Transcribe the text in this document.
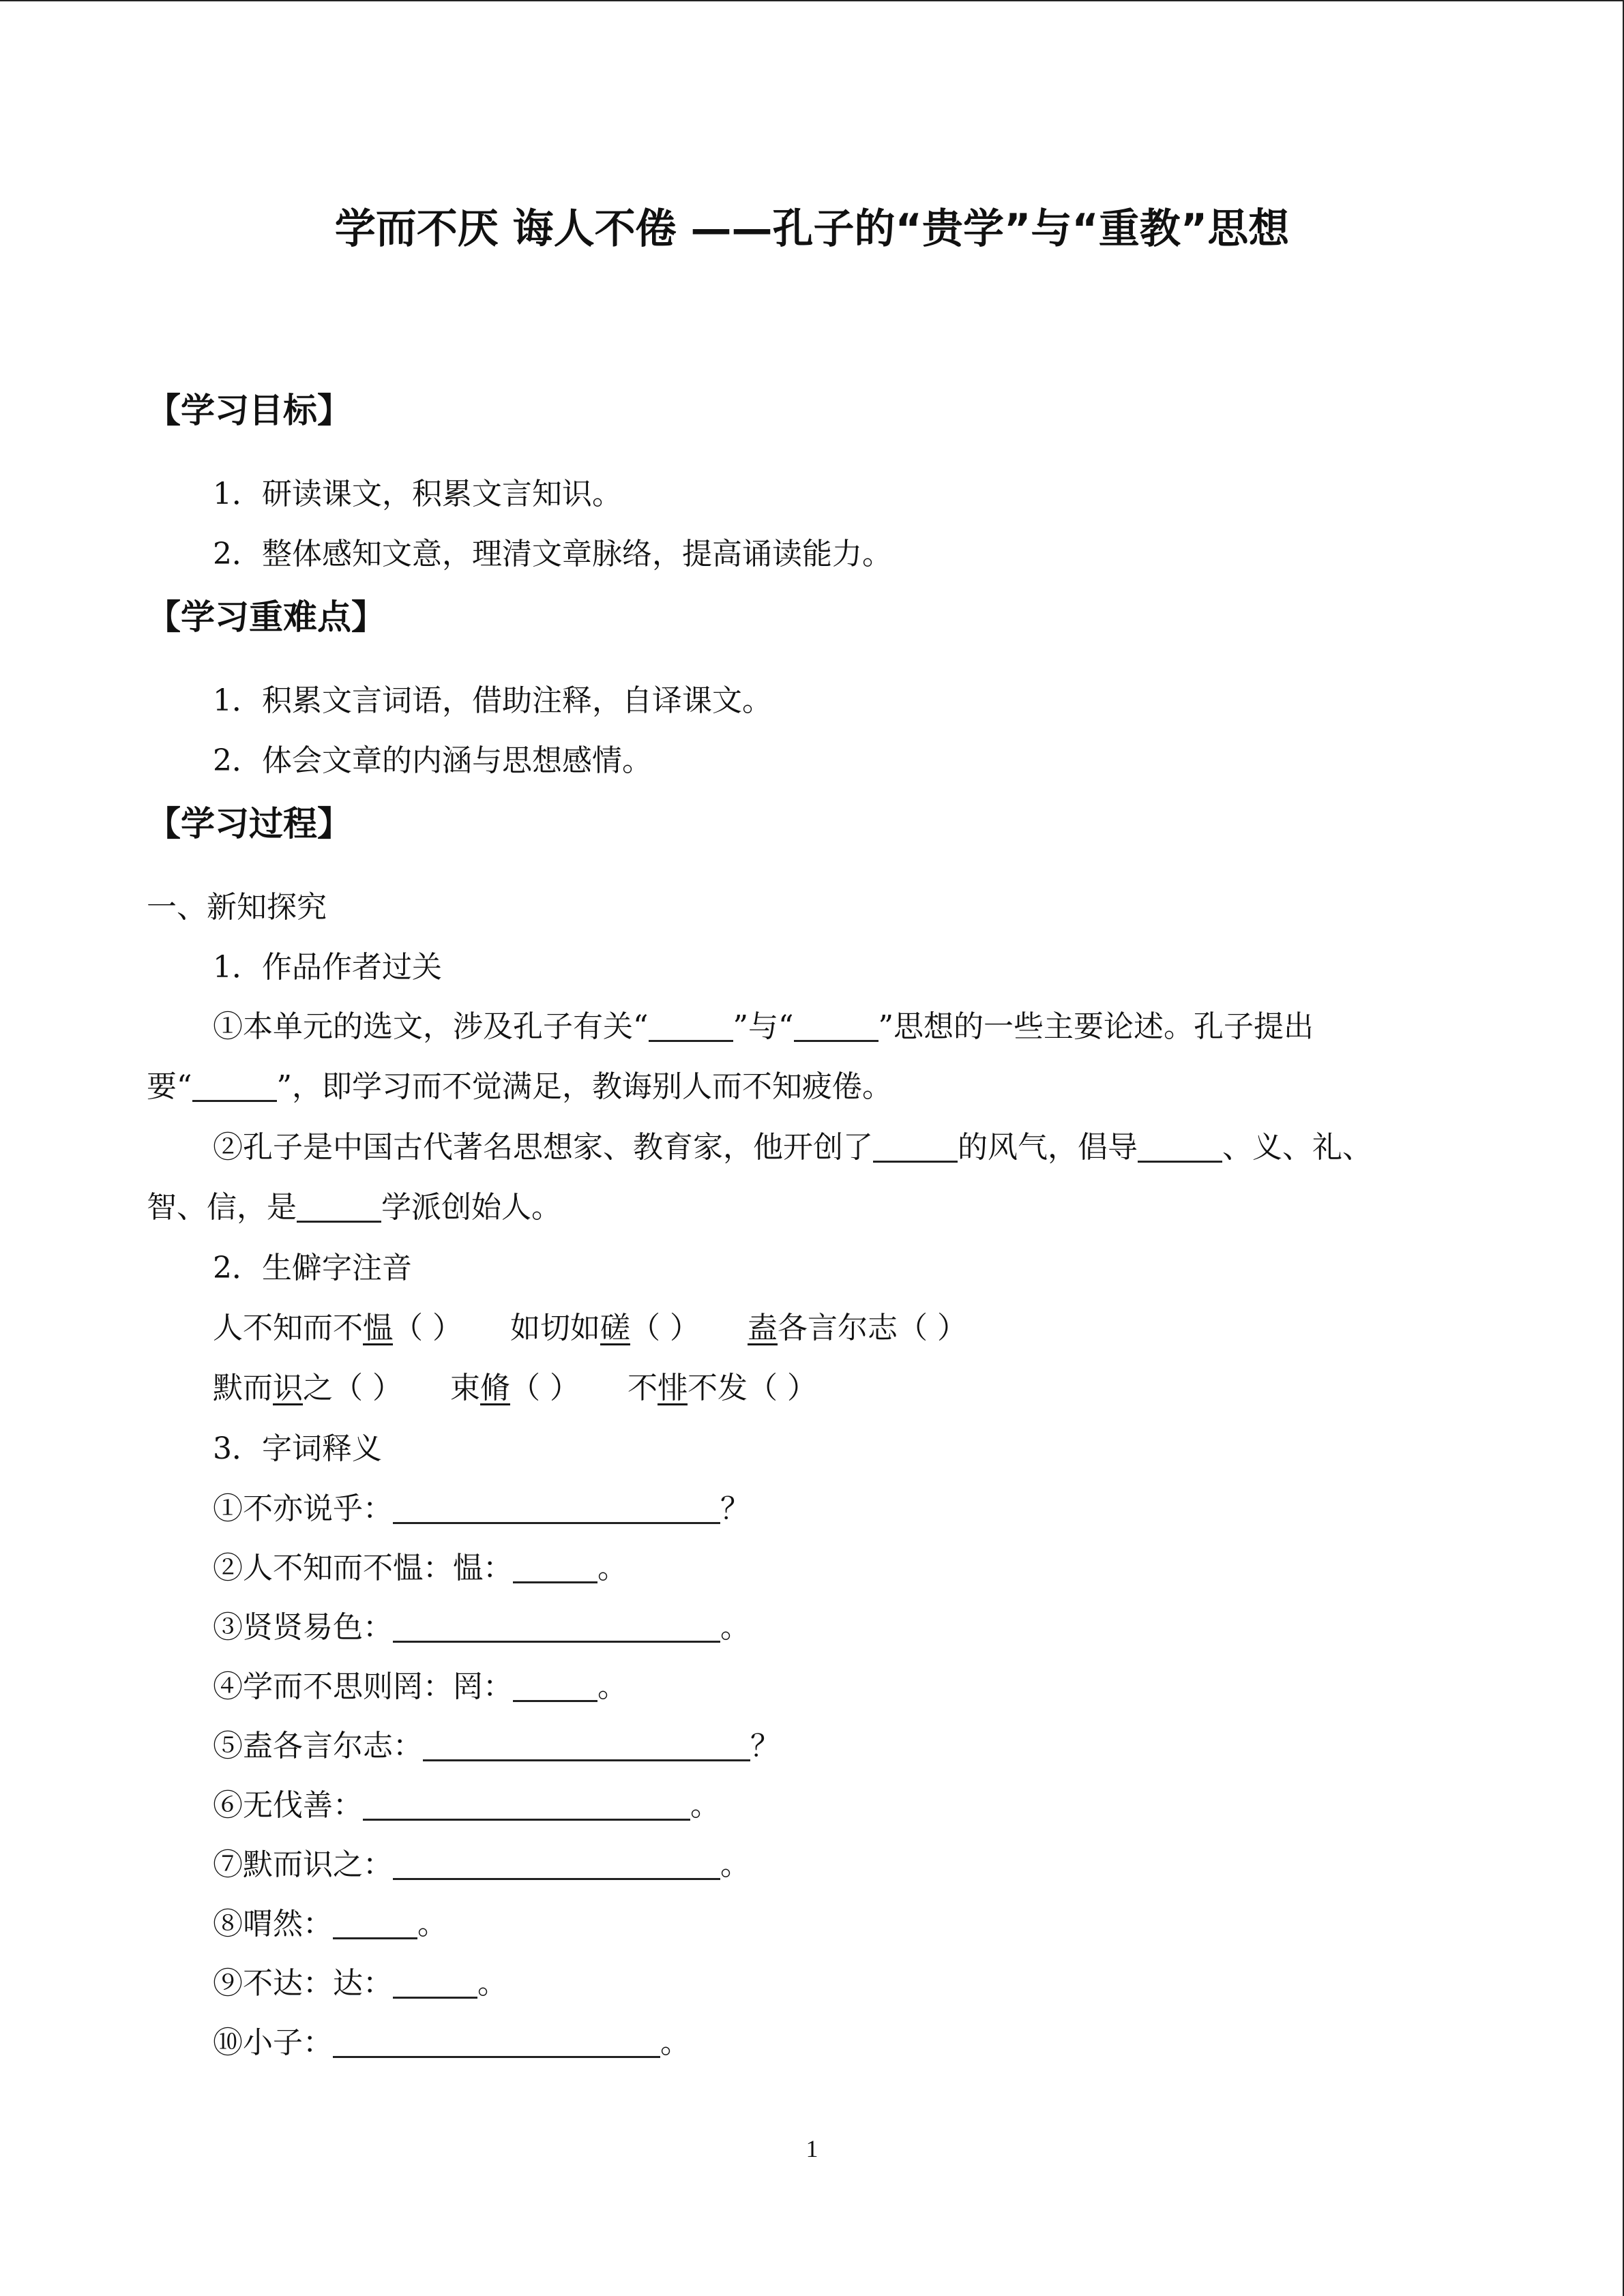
学而不厌 诲人不倦 ——孔子的“贵学”与“重教”思想
【学习目标】
1．研读课文，积累文言知识。
2．整体感知文意，理清文章脉络，提高诵读能力。
【学习重难点】
1．积累文言词语，借助注释，自译课文。
2．体会文章的内涵与思想感情。
【学习过程】
一、新知探究
1．作品作者过关
①本单元的选文，涉及孔子有关“	”与“	”思想的一些主要论述。孔子提出
要“	”，即学习而不觉满足，教诲别人而不知疲倦。
②孔子是中国古代著名思想家、教育家，他开创了	的风气，倡导	、义、礼、
智、信，是	学派创始人。
2．生僻字注音
人不知而不愠（ ） 如切如磋（ ） 盍各言尔志（ ）
默而识之（ ） 束脩（ ） 不悱不发（ ）
3．字词释义
①不亦说乎：	？
②人不知而不愠：愠：	。
③贤贤易色：	。
④学而不思则罔：罔：	。
⑤盍各言尔志：	？
⑥无伐善：	。
⑦默而识之：	。
⑧喟然：	。
⑨不达：达：	。
⑩小子：	。
1
